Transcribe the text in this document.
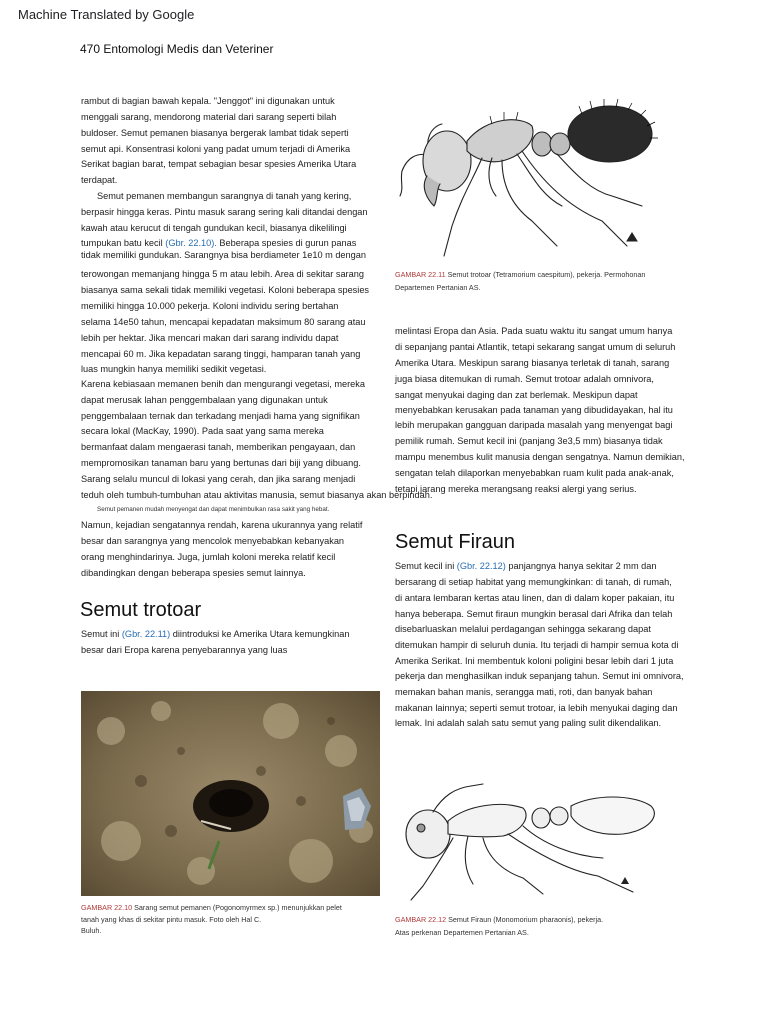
Machine Translated by Google
470 Entomologi Medis dan Veteriner
rambut di bagian bawah kepala. "Jenggot" ini digunakan untuk
menggali sarang, mendorong material dari sarang seperti bilah
buldoser. Semut pemanen biasanya bergerak lambat tidak seperti
semut api. Konsentrasi koloni yang padat umum terjadi di Amerika
Serikat bagian barat, tempat sebagian besar spesies Amerika Utara
terdapat.
Semut pemanen membangun sarangnya di tanah yang kering,
berpasir hingga keras. Pintu masuk sarang sering kali ditandai dengan
kawah atau kerucut di tengah gundukan kecil, biasanya dikelilingi
tumpukan batu kecil (Gbr. 22.10). Beberapa spesies di gurun panas
tidak memiliki gundukan. Sarangnya bisa berdiameter 1e10 m dengan
terowongan memanjang hingga 5 m atau lebih. Area di sekitar sarang
biasanya sama sekali tidak memiliki vegetasi. Koloni beberapa spesies
memiliki hingga 10.000 pekerja. Koloni individu sering bertahan
selama 14e50 tahun, mencapai kepadatan maksimum 80 sarang atau
lebih per hektar. Jika mencari makan dari sarang individu dapat
mencapai 60 m. Jika kepadatan sarang tinggi, hamparan tanah yang
luas mungkin hanya memiliki sedikit vegetasi.
Karena kebiasaan memanen benih dan mengurangi vegetasi, mereka
dapat merusak lahan penggembalaan yang digunakan untuk
penggembalaan ternak dan terkadang menjadi hama yang signifikan
secara lokal (MacKay, 1990). Pada saat yang sama mereka
bermanfaat dalam mengaerasi tanah, memberikan pengayaan, dan
mempromosikan tanaman baru yang bertunas dari biji yang dibuang.
Sarang selalu muncul di lokasi yang cerah, dan jika sarang menjadi
teduh oleh tumbuh-tumbuhan atau aktivitas manusia, semut biasanya akan berpindah.
Semut pemanen mudah menyengat dan dapat menimbulkan rasa sakit yang hebat.
Namun, kejadian sengatannya rendah, karena ukurannya yang relatif
besar dan sarangnya yang mencolok menyebabkan kebanyakan
orang menghindarinya. Juga, jumlah koloni mereka relatif kecil
dibandingkan dengan beberapa spesies semut lainnya.
Semut trotoar
Semut ini (Gbr. 22.11) diintroduksi ke Amerika Utara kemungkinan
besar dari Eropa karena penyebarannya yang luas
GAMBAR 22.11 Semut trotoar (Tetramorium caespitum), pekerja. Permohonan
Departemen Pertanian AS.
melintasi Eropa dan Asia. Pada suatu waktu itu sangat umum hanya
di sepanjang pantai Atlantik, tetapi sekarang sangat umum di seluruh
Amerika Utara. Meskipun sarang biasanya terletak di tanah, sarang
juga biasa ditemukan di rumah. Semut trotoar adalah omnivora,
sangat menyukai daging dan zat berlemak. Meskipun dapat
menyebabkan kerusakan pada tanaman yang dibudidayakan, hal itu
lebih merupakan gangguan daripada masalah yang menyengat bagi
pemilik rumah. Semut kecil ini (panjang 3e3,5 mm) biasanya tidak
mampu menembus kulit manusia dengan sengatnya. Namun demikian,
sengatan telah dilaporkan menyebabkan ruam kulit pada anak-anak,
tetapi jarang mereka merangsang reaksi alergi yang serius.
Semut Firaun
Semut kecil ini (Gbr. 22.12) panjangnya hanya sekitar 2 mm dan
bersarang di setiap habitat yang memungkinkan: di tanah, di rumah,
di antara lembaran kertas atau linen, dan di dalam koper pakaian, itu
hanya beberapa. Semut firaun mungkin berasal dari Afrika dan telah
disebarluaskan melalui perdagangan sehingga sekarang dapat
ditemukan hampir di seluruh dunia. Itu terjadi di hampir semua kota di
Amerika Serikat. Ini membentuk koloni poligini besar lebih dari 1 juta
pekerja dan menghasilkan induk sepanjang tahun. Semut ini omnivora,
memakan bahan manis, serangga mati, roti, dan banyak bahan
makanan lainnya; seperti semut trotoar, ia lebih menyukai daging dan
lemak. Ini adalah salah satu semut yang paling sulit dikendalikan.
GAMBAR 22.10 Sarang semut pemanen (Pogonomyrmex sp.) menunjukkan pelet
tanah yang khas di sekitar pintu masuk. Foto oleh Hal C.
Buluh.
GAMBAR 22.12 Semut Firaun (Monomorium pharaonis), pekerja.
Atas perkenan Departemen Pertanian AS.
